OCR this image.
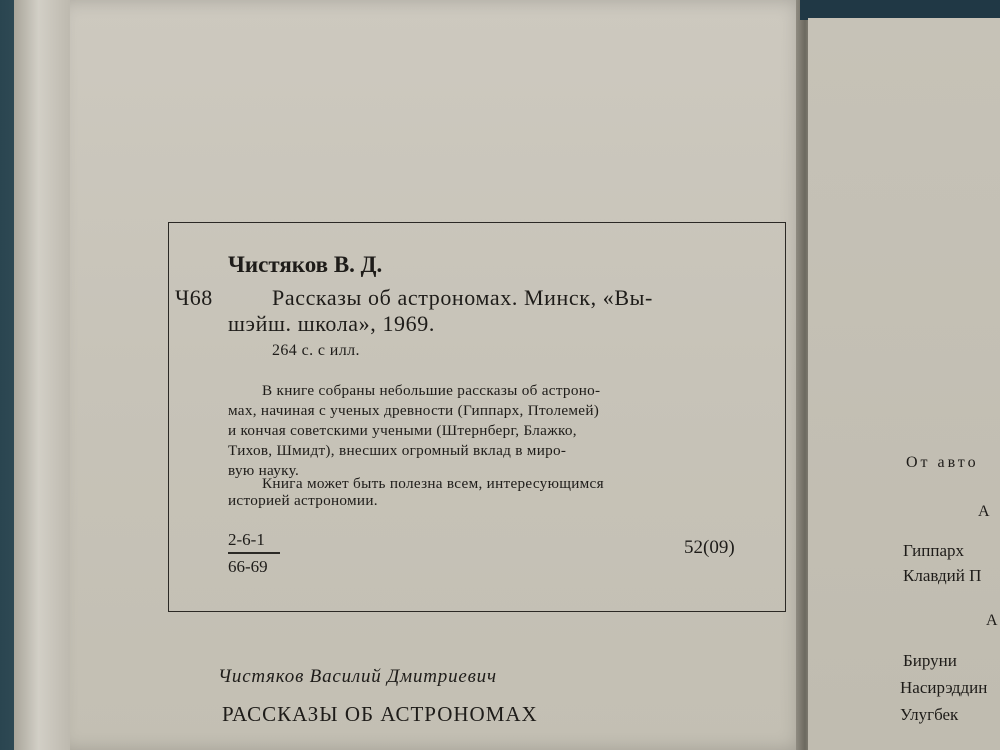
Чистяков В. Д.
Ч68	Рассказы об астрономах. Минск, «Вы-
шэйш. школа», 1969.
264 с. с илл.
В книге собраны небольшие рассказы об астроно-
мах, начиная с ученых древности (Гиппарх, Птолемей)
и кончая советскими учеными (Штернберг, Блажко,
Тихов, Шмидт), внесших огромный вклад в миро-
вую науку.
Книга может быть полезна всем, интересующимся
историей астрономии.
2-6-1
66-69
52(09)
Чистяков Василий Дмитриевич
РАССКАЗЫ ОБ АСТРОНОМАХ
От авто
А
Гиппарх
Клавдий П
А
Бируни
Насирэддин
Улугбек
